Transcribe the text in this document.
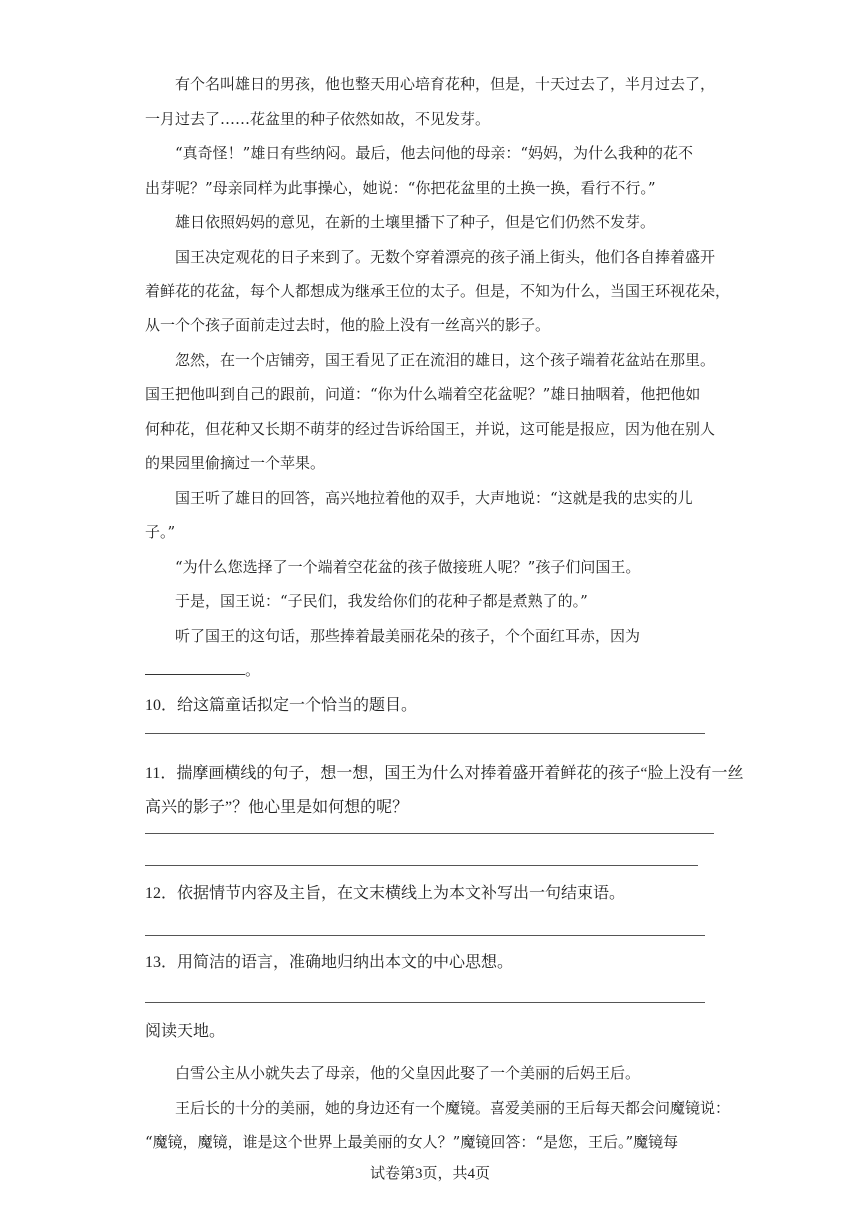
有个名叫雄日的男孩，他也整天用心培育花种，但是，十天过去了，半月过去了，
一月过去了……花盆里的种子依然如故，不见发芽。
“真奇怪！”雄日有些纳闷。最后，他去问他的母亲：“妈妈，为什么我种的花不
出芽呢？”母亲同样为此事操心，她说：“你把花盆里的土换一换，看行不行。”
雄日依照妈妈的意见，在新的土壤里播下了种子，但是它们仍然不发芽。
国王决定观花的日子来到了。无数个穿着漂亮的孩子涌上街头，他们各自捧着盛开
着鲜花的花盆，每个人都想成为继承王位的太子。但是，不知为什么，当国王环视花朵，
从一个个孩子面前走过去时，他的脸上没有一丝高兴的影子。
忽然，在一个店铺旁，国王看见了正在流泪的雄日，这个孩子端着花盆站在那里。
国王把他叫到自己的跟前，问道：“你为什么端着空花盆呢？”雄日抽咽着，他把他如
何种花，但花种又长期不萌芽的经过告诉给国王，并说，这可能是报应，因为他在别人
的果园里偷摘过一个苹果。
国王听了雄日的回答，高兴地拉着他的双手，大声地说：“这就是我的忠实的儿
子。”
“为什么您选择了一个端着空花盆的孩子做接班人呢？”孩子们问国王。
于是，国王说：“子民们，我发给你们的花种子都是煮熟了的。”
听了国王的这句话，那些捧着最美丽花朵的孩子，个个面红耳赤，因为
。
10．给这篇童话拟定一个恰当的题目。
11．揣摩画横线的句子，想一想，国王为什么对捧着盛开着鲜花的孩子“脸上没有一丝
高兴的影子”？他心里是如何想的呢？
12．依据情节内容及主旨，在文末横线上为本文补写出一句结束语。
13．用简洁的语言，准确地归纳出本文的中心思想。
阅读天地。
白雪公主从小就失去了母亲，他的父皇因此娶了一个美丽的后妈王后。
王后长的十分的美丽，她的身边还有一个魔镜。喜爱美丽的王后每天都会问魔镜说：
“魔镜，魔镜，谁是这个世界上最美丽的女人？”魔镜回答：“是您，王后。”魔镜每
试卷第3页，共4页
